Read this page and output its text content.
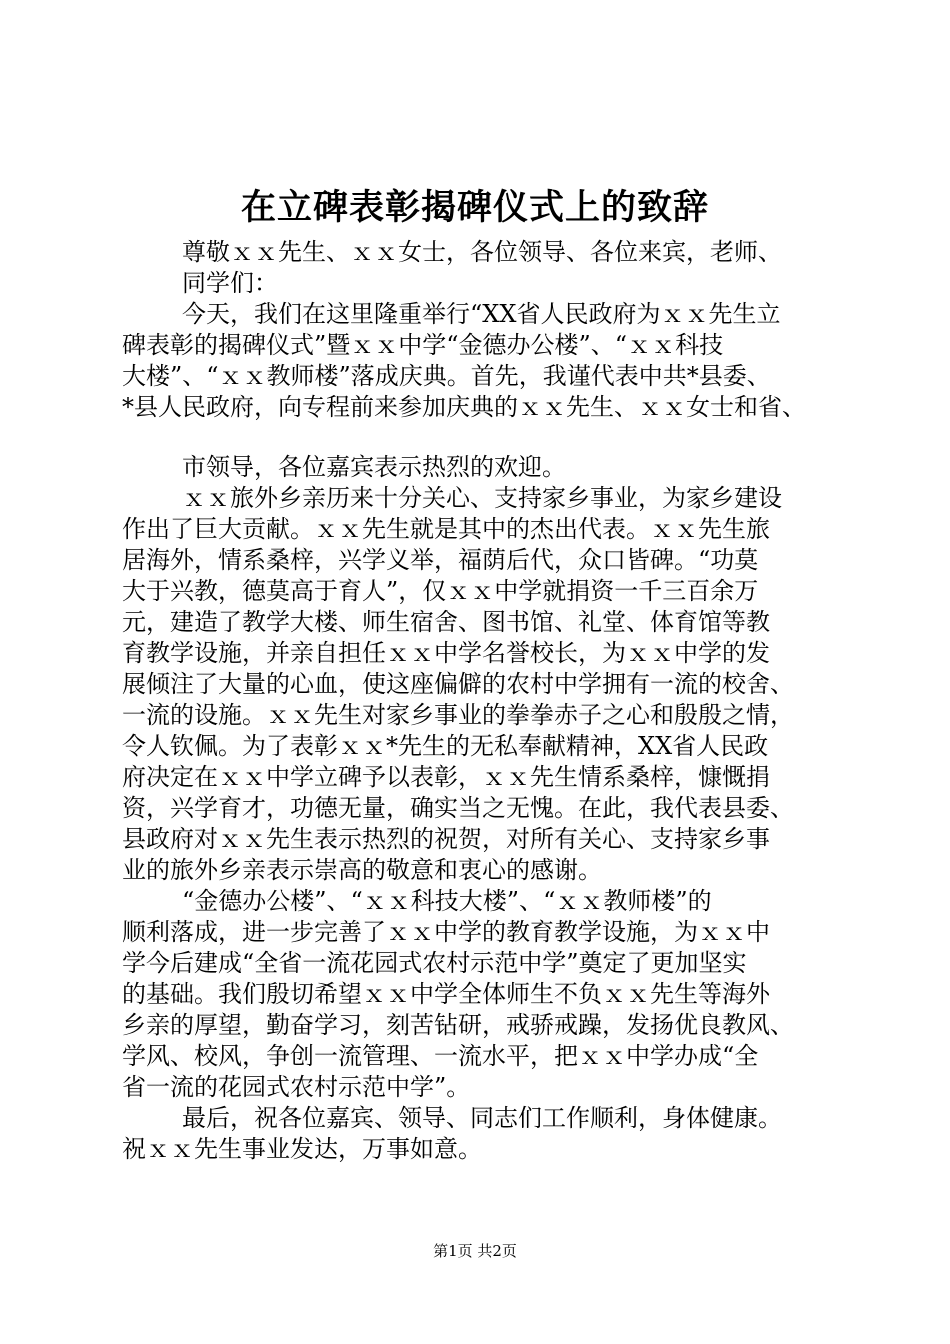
在立碑表彰揭碑仪式上的致辞
尊敬ｘｘ先生、ｘｘ女士，各位领导、各位来宾，老师、
同学们：
今天，我们在这里隆重举行“XX省人民政府为ｘｘ先生立
碑表彰的揭碑仪式”暨ｘｘ中学“金德办公楼”、“ｘｘ科技
大楼”、“ｘｘ教师楼”落成庆典。首先，我谨代表中共*县委、
*县人民政府，向专程前来参加庆典的ｘｘ先生、ｘｘ女士和省、
市领导，各位嘉宾表示热烈的欢迎。
ｘｘ旅外乡亲历来十分关心、支持家乡事业，为家乡建设
作出了巨大贡献。ｘｘ先生就是其中的杰出代表。ｘｘ先生旅
居海外，情系桑梓，兴学义举，福荫后代，众口皆碑。“功莫
大于兴教，德莫高于育人”，仅ｘｘ中学就捐资一千三百余万
元，建造了教学大楼、师生宿舍、图书馆、礼堂、体育馆等教
育教学设施，并亲自担任ｘｘ中学名誉校长，为ｘｘ中学的发
展倾注了大量的心血，使这座偏僻的农村中学拥有一流的校舍、
一流的设施。ｘｘ先生对家乡事业的拳拳赤子之心和殷殷之情，
令人钦佩。为了表彰ｘｘ*先生的无私奉献精神，XX省人民政
府决定在ｘｘ中学立碑予以表彰，ｘｘ先生情系桑梓，慷慨捐
资，兴学育才，功德无量，确实当之无愧。在此，我代表县委、
县政府对ｘｘ先生表示热烈的祝贺，对所有关心、支持家乡事
业的旅外乡亲表示崇高的敬意和衷心的感谢。
“金德办公楼”、“ｘｘ科技大楼”、“ｘｘ教师楼”的
顺利落成，进一步完善了ｘｘ中学的教育教学设施，为ｘｘ中
学今后建成“全省一流花园式农村示范中学”奠定了更加坚实
的基础。我们殷切希望ｘｘ中学全体师生不负ｘｘ先生等海外
乡亲的厚望，勤奋学习，刻苦钻研，戒骄戒躁，发扬优良教风、
学风、校风，争创一流管理、一流水平，把ｘｘ中学办成“全
省一流的花园式农村示范中学”。
最后，祝各位嘉宾、领导、同志们工作顺利，身体健康。
祝ｘｘ先生事业发达，万事如意。
第1页 共2页
